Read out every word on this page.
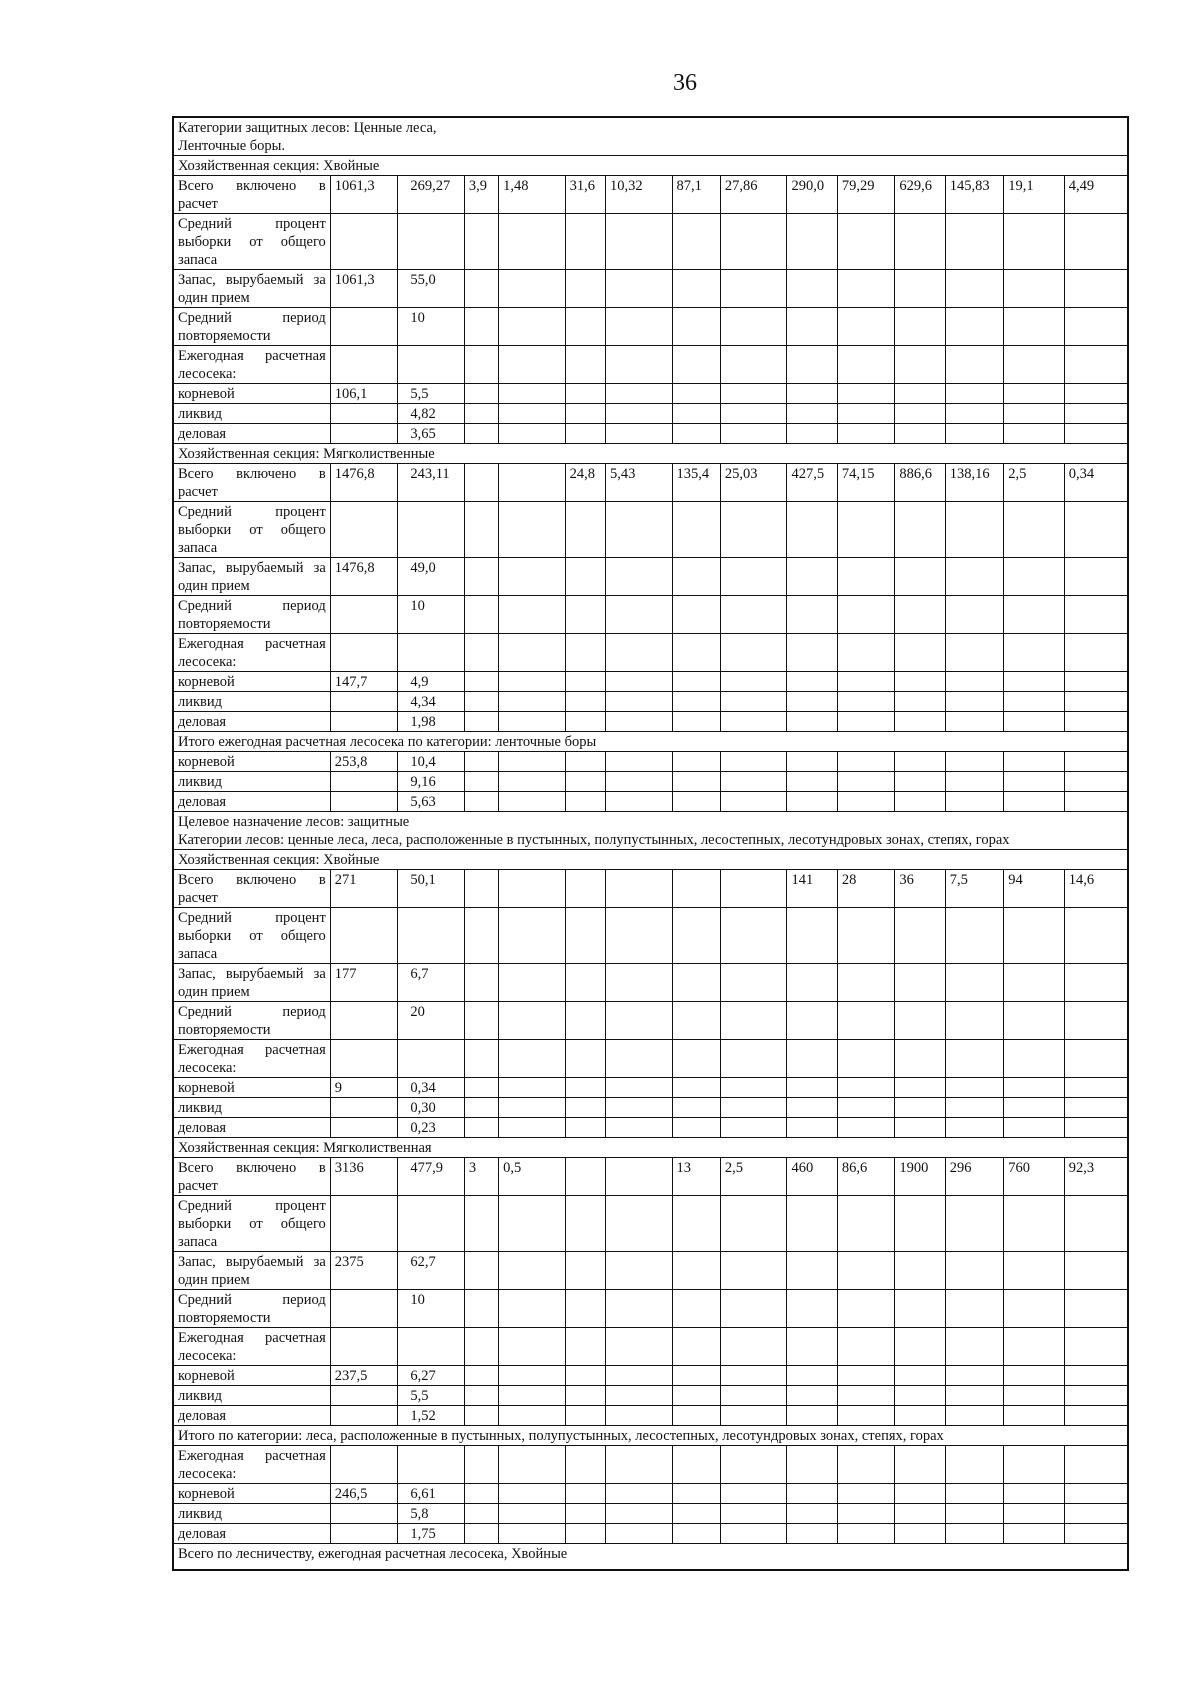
36
Категории защитных лесов: Ценные леса,
Ленточные боры.														

Хозяйственная секция: Хвойные														

Всего включено в расчет	1061,3	269,27	3,9	1,48	31,6	10,32	87,1	27,86	290,0	79,29	629,6	145,83	19,1	4,49
Средний процент выборки от общего запаса														
Запас, вырубаемый за один прием	1061,3	55,0												
Средний период повторяемости		10												
Ежегодная расчетная лесосека:														
корневой	106,1	5,5												
ликвид		4,82												
деловая		3,65												

Хозяйственная секция: Мягколиственные														

Всего включено в расчет	1476,8	243,11			24,8	5,43	135,4	25,03	427,5	74,15	886,6	138,16	2,5	0,34
Средний процент выборки от общего запаса														
Запас, вырубаемый за один прием	1476,8	49,0												
Средний период повторяемости		10												
Ежегодная расчетная лесосека:														
корневой	147,7	4,9												
ликвид		4,34												
деловая		1,98												

Итого ежегодная расчетная лесосека по категории: ленточные боры														

корневой	253,8	10,4												
ликвид		9,16												
деловая		5,63												

Целевое назначение лесов: защитные
Категории лесов: ценные леса, леса, расположенные в пустынных, полупустынных, лесостепных, лесотундровых зонах, степях, горах														

Хозяйственная секция: Хвойные														

Всего включено в расчет	271	50,1							141	28	36	7,5	94	14,6
Средний процент выборки от общего запаса														
Запас, вырубаемый за один прием	177	6,7												
Средний период повторяемости		20												
Ежегодная расчетная лесосека:														
корневой	9	0,34												
ликвид		0,30												
деловая		0,23												

Хозяйственная секция: Мягколиственная														

Всего включено в расчет	3136	477,9	3	0,5			13	2,5	460	86,6	1900	296	760	92,3
Средний процент выборки от общего запаса														
Запас, вырубаемый за один прием	2375	62,7												
Средний период повторяемости		10												
Ежегодная расчетная лесосека:														
корневой	237,5	6,27												
ликвид		5,5												
деловая		1,52												

Итого по категории: леса, расположенные в пустынных, полупустынных, лесостепных, лесотундровых зонах, степях, горах														

Ежегодная расчетная лесосека:														
корневой	246,5	6,61												
ликвид		5,8												
деловая		1,75												

Всего по лесничеству, ежегодная расчетная лесосека, Хвойные														
